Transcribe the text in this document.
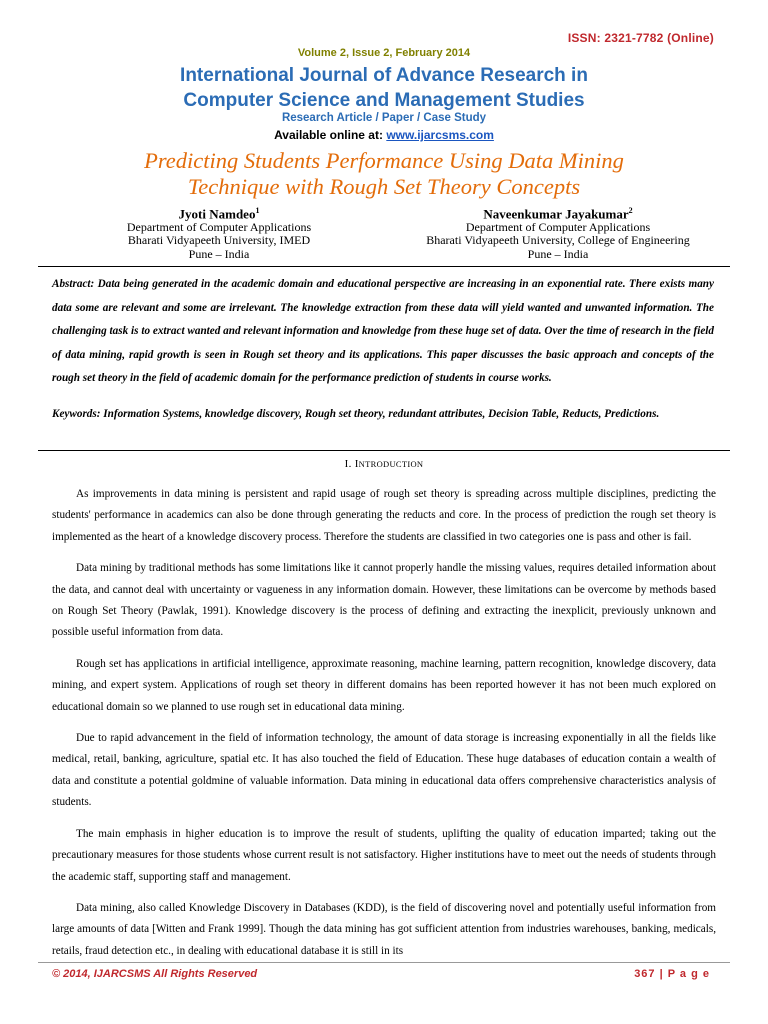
ISSN: 2321-7782 (Online)
Volume 2, Issue 2, February 2014
International Journal of Advance Research in
Computer Science and Management Studies
Research Article / Paper / Case Study
Available online at: www.ijarcsms.com
Predicting Students Performance Using Data Mining
Technique with Rough Set Theory Concepts
Jyoti Namdeo$^1$
Department of Computer Applications
Bharati Vidyapeeth University, IMED
Pune – India
Naveenkumar Jayakumar$^2$
Department of Computer Applications
Bharati Vidyapeeth University, College of Engineering
Pune – India
Abstract: Data being generated in the academic domain and educational perspective are increasing in an exponential rate. There exists many data some are relevant and some are irrelevant. The knowledge extraction from these data will yield wanted and unwanted information. The challenging task is to extract wanted and relevant information and knowledge from these huge set of data. Over the time of research in the field of data mining, rapid growth is seen in Rough set theory and its applications. This paper discusses the basic approach and concepts of the rough set theory in the field of academic domain for the performance prediction of students in course works.
Keywords: Information Systems, knowledge discovery, Rough set theory, redundant attributes, Decision Table, Reducts, Predictions.
I. INTRODUCTION

As improvements in data mining is persistent and rapid usage of rough set theory is spreading across multiple disciplines, predicting the students' performance in academics can also be done through generating the reducts and core. In the process of prediction the rough set theory is implemented as the heart of a knowledge discovery process. Therefore the students are classified in two categories one is pass and other is fail.

Data mining by traditional methods has some limitations like it cannot properly handle the missing values, requires detailed information about the data, and cannot deal with uncertainty or vagueness in any information domain. However, these limitations can be overcome by methods based on Rough Set Theory (Pawlak, 1991). Knowledge discovery is the process of defining and extracting the inexplicit, previously unknown and possible useful information from data.

Rough set has applications in artificial intelligence, approximate reasoning, machine learning, pattern recognition, knowledge discovery, data mining, and expert system. Applications of rough set theory in different domains has been reported however it has not been much explored on educational domain so we planned to use rough set in educational data mining.

Due to rapid advancement in the field of information technology, the amount of data storage is increasing exponentially in all the fields like medical, retail, banking, agriculture, spatial etc. It has also touched the field of Education. These huge databases of education contain a wealth of data and constitute a potential goldmine of valuable information. Data mining in educational data offers comprehensive characteristics analysis of students.

The main emphasis in higher education is to improve the result of students, uplifting the quality of education imparted; taking out the precautionary measures for those students whose current result is not satisfactory. Higher institutions have to meet out the needs of students through the academic staff, supporting staff and management.

Data mining, also called Knowledge Discovery in Databases (KDD), is the field of discovering novel and potentially useful information from large amounts of data [Witten and Frank 1999]. Though the data mining has got sufficient attention from industries warehouses, banking, medicals, retails, fraud detection etc., in dealing with educational database it is still in its

© 2014, IJARCSMS All Rights Reserved	367 | P a g e
